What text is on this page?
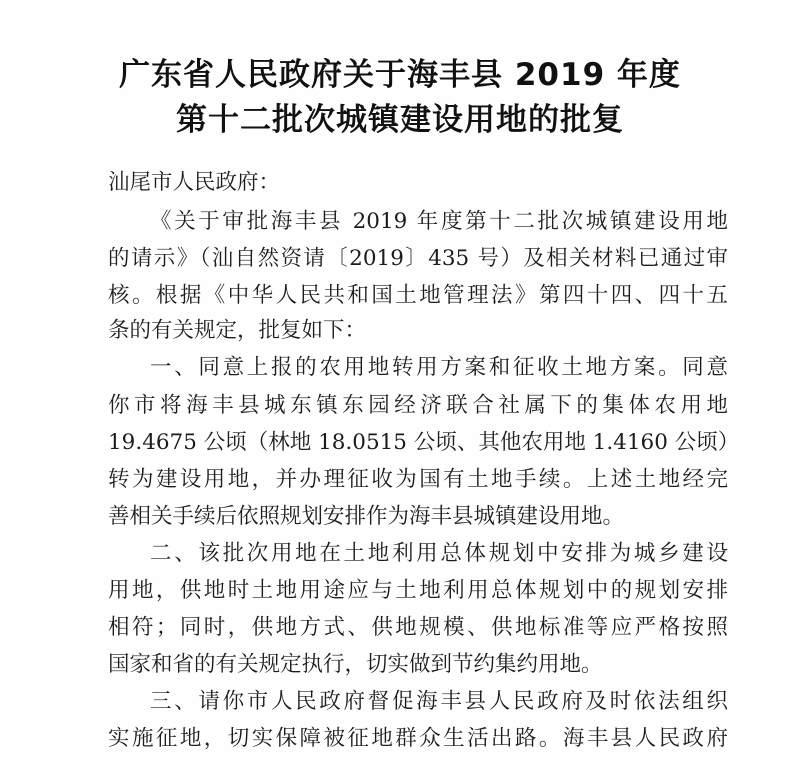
广东省人民政府关于海丰县 2019 年度
第十二批次城镇建设用地的批复
汕尾市人民政府：
《关于审批海丰县 2019 年度第十二批次城镇建设用地
的请示》（汕自然资请〔2019〕435 号）及相关材料已通过审
核。根据《中华人民共和国土地管理法》第四十四、四十五
条的有关规定，批复如下：
一、同意上报的农用地转用方案和征收土地方案。同意
你市将海丰县城东镇东园经济联合社属下的集体农用地
19.4675 公顷（林地 18.0515 公顷、其他农用地 1.4160 公顷）
转为建设用地，并办理征收为国有土地手续。上述土地经完
善相关手续后依照规划安排作为海丰县城镇建设用地。
二、该批次用地在土地利用总体规划中安排为城乡建设
用地，供地时土地用途应与土地利用总体规划中的规划安排
相符；同时，供地方式、供地规模、供地标准等应严格按照
国家和省的有关规定执行，切实做到节约集约用地。
三、请你市人民政府督促海丰县人民政府及时依法组织
实施征地，切实保障被征地群众生活出路。海丰县人民政府
